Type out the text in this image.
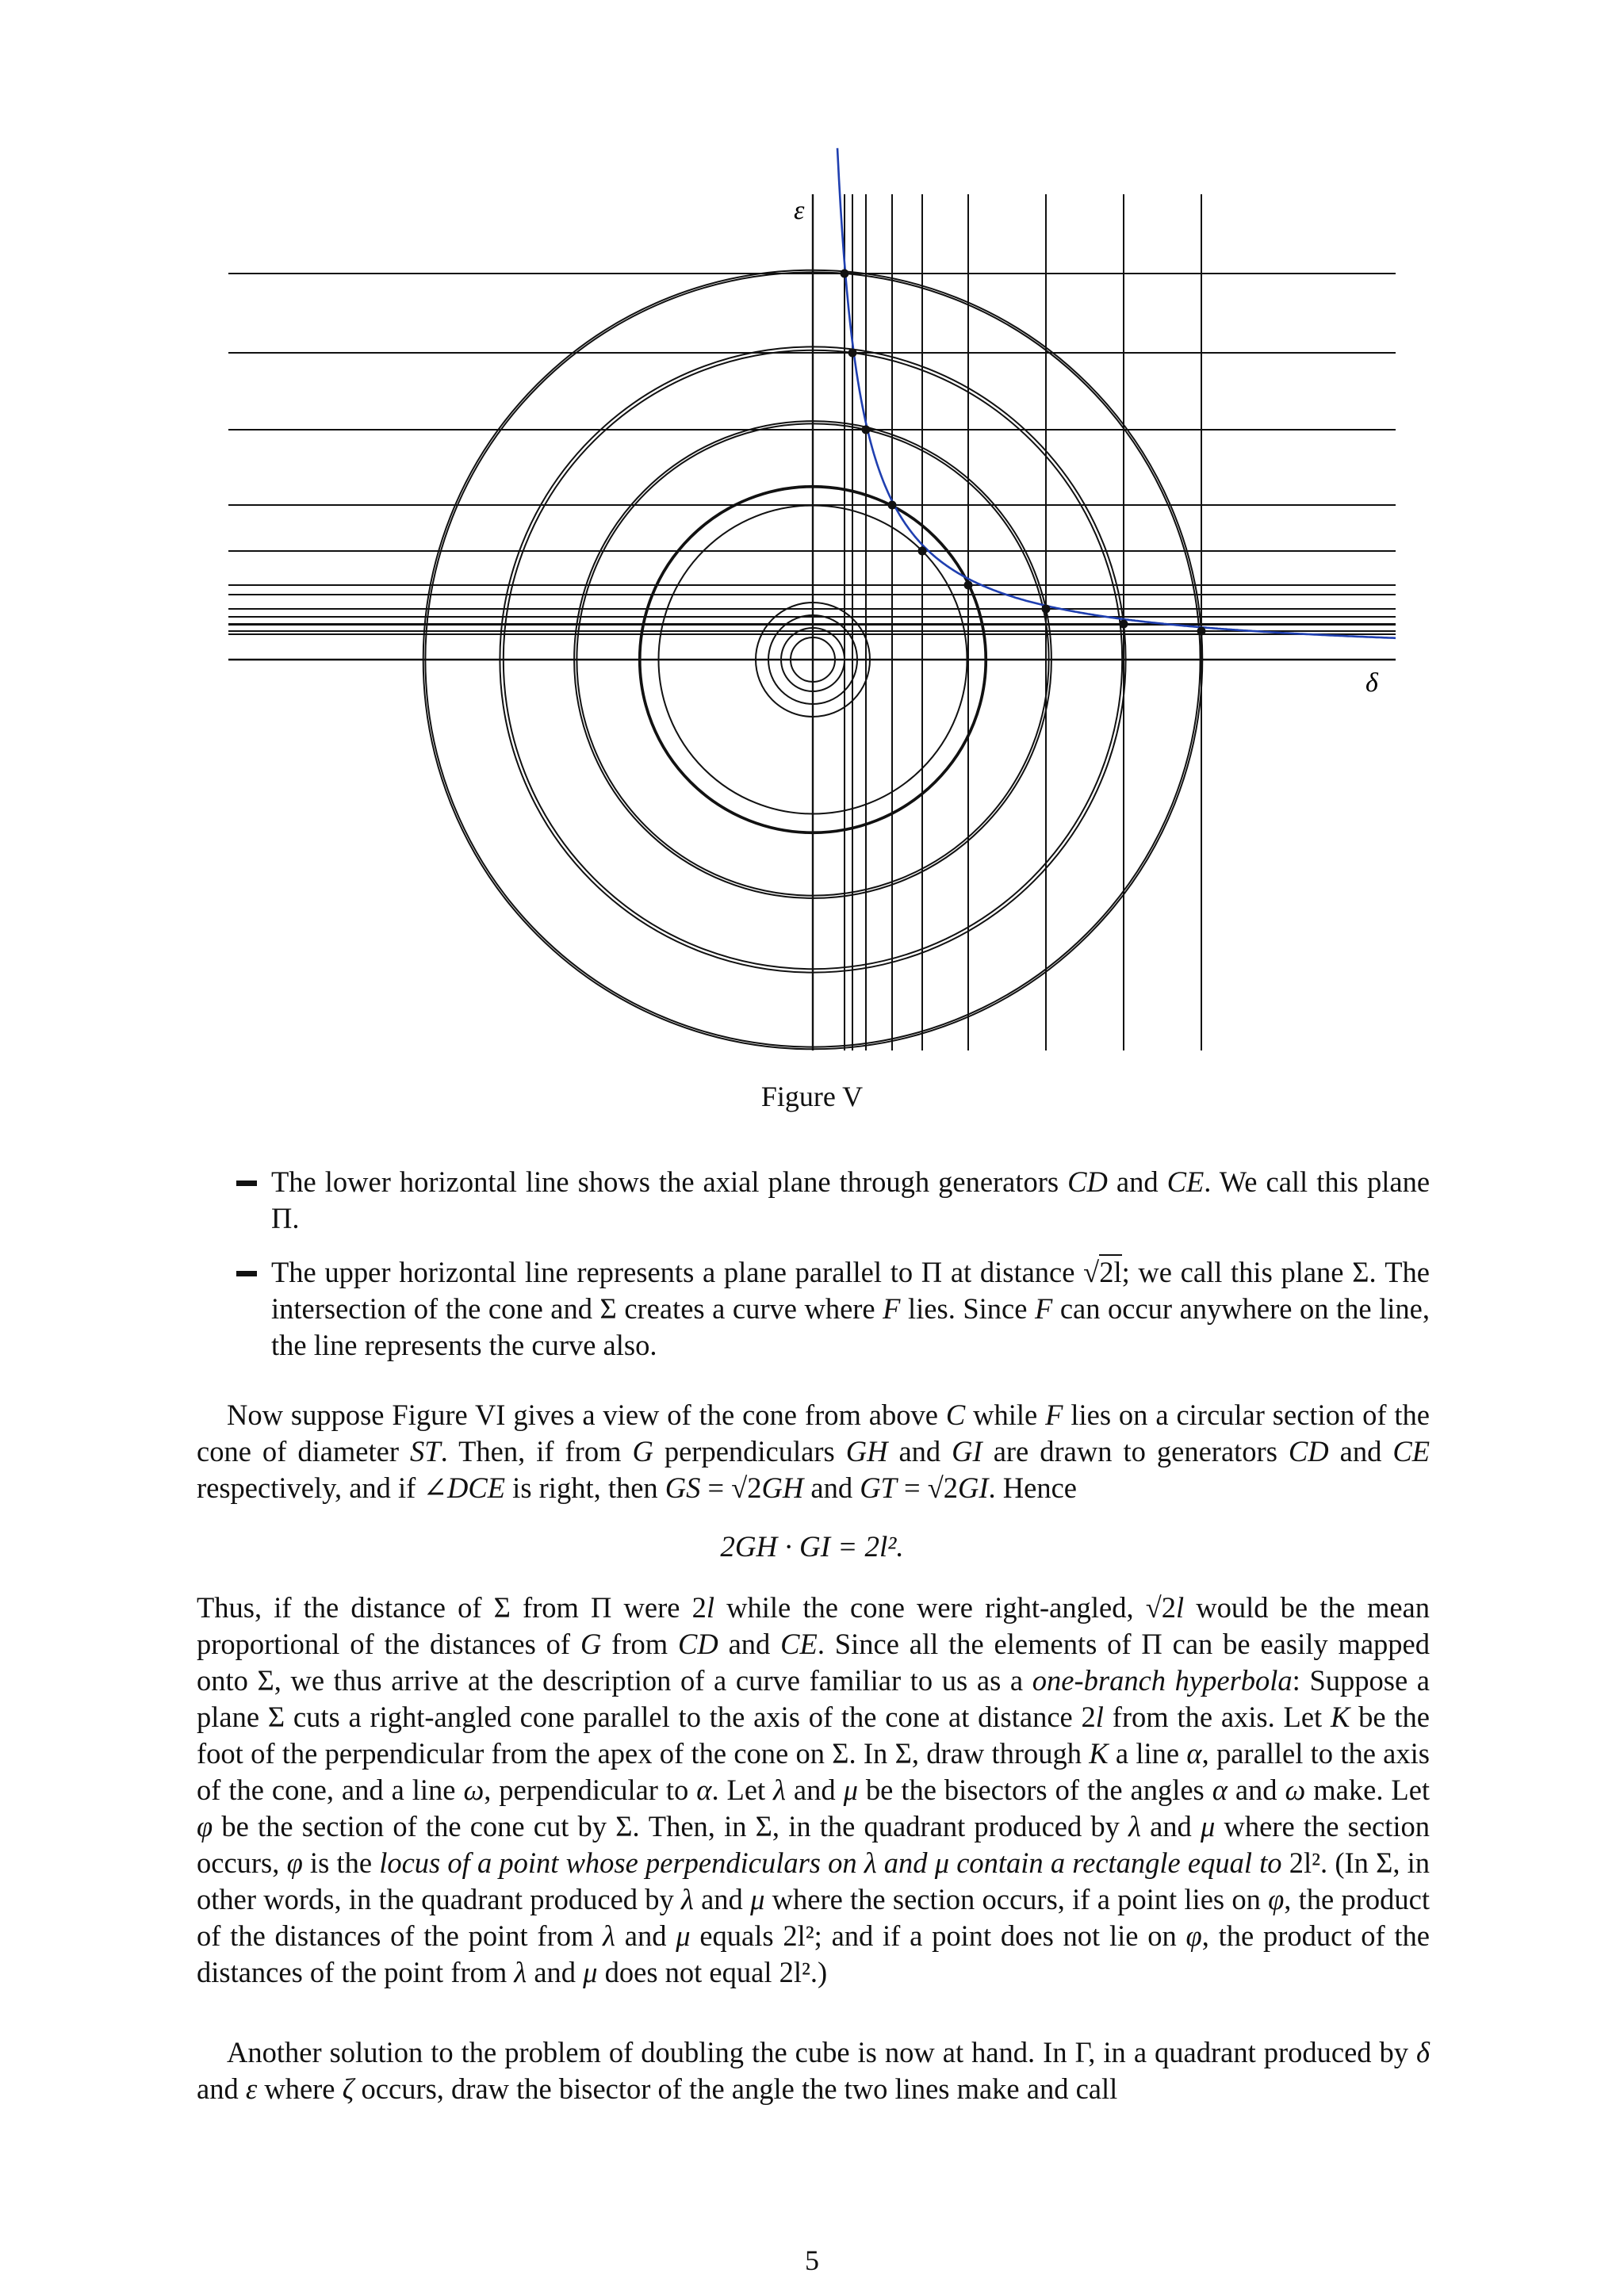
ε
δ
Figure V
The lower horizontal line shows the axial plane through generators CD and CE. We call this plane Π.
The upper horizontal line represents a plane parallel to Π at distance √2l; we call this plane Σ. The intersection of the cone and Σ creates a curve where F lies. Since F can occur anywhere on the line, the line represents the curve also.
Now suppose Figure VI gives a view of the cone from above C while F lies on a circular section of the cone of diameter ST. Then, if from G perpendiculars GH and GI are drawn to generators CD and CE respectively, and if ∠DCE is right, then GS = √2GH and GT = √2GI. Hence
2GH · GI = 2l².
Thus, if the distance of Σ from Π were 2l while the cone were right-angled, √2l would be the mean proportional of the distances of G from CD and CE. Since all the elements of Π can be easily mapped onto Σ, we thus arrive at the description of a curve familiar to us as a one-branch hyperbola: Suppose a plane Σ cuts a right-angled cone parallel to the axis of the cone at distance 2l from the axis. Let K be the foot of the perpendicular from the apex of the cone on Σ. In Σ, draw through K a line α, parallel to the axis of the cone, and a line ω, perpendicular to α. Let λ and μ be the bisectors of the angles α and ω make. Let φ be the section of the cone cut by Σ. Then, in Σ, in the quadrant produced by λ and μ where the section occurs, φ is the locus of a point whose perpendiculars on λ and μ contain a rectangle equal to 2l². (In Σ, in other words, in the quadrant produced by λ and μ where the section occurs, if a point lies on φ, the product of the distances of the point from λ and μ equals 2l²; and if a point does not lie on φ, the product of the distances of the point from λ and μ does not equal 2l².)
Another solution to the problem of doubling the cube is now at hand. In Γ, in a quadrant produced by δ and ε where ζ occurs, draw the bisector of the angle the two lines make and call
5
